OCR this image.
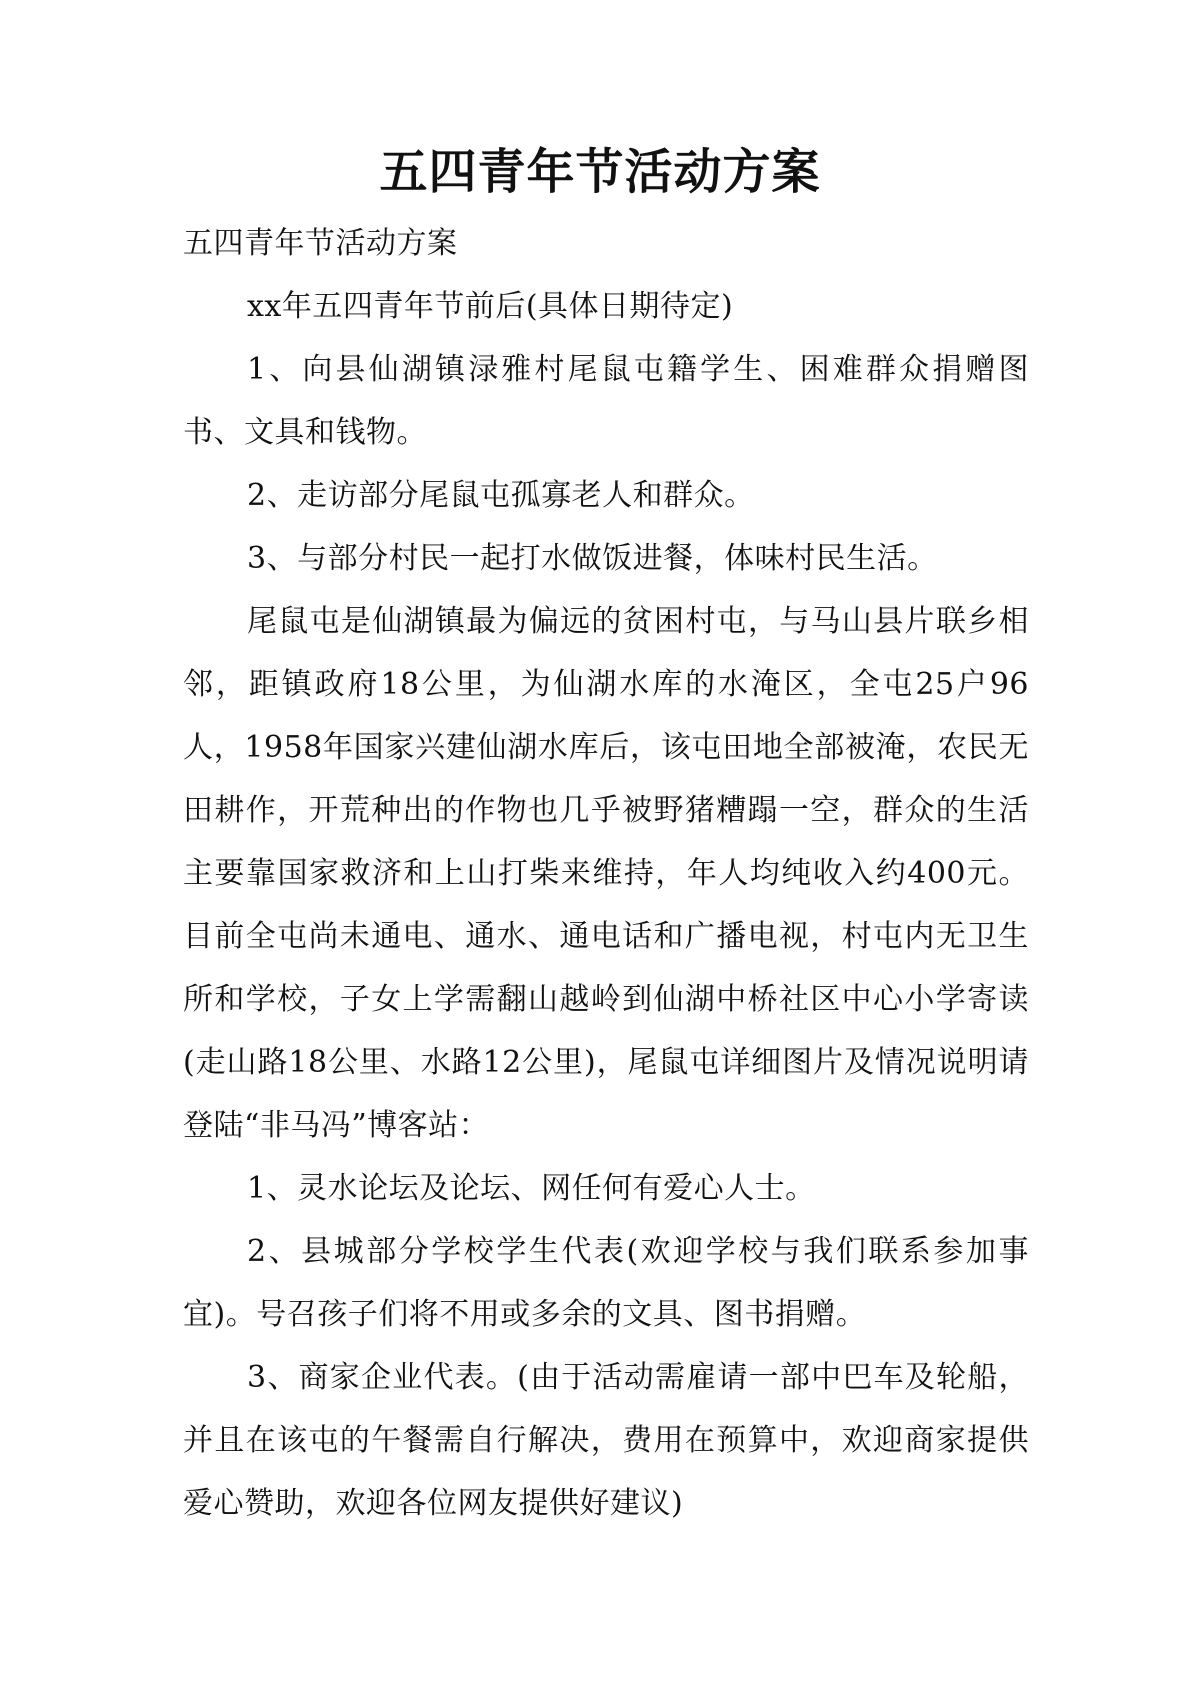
五四青年节活动方案

五四青年节活动方案

xx年五四青年节前后(具体日期待定)

1、向县仙湖镇渌雅村尾鼠屯籍学生、困难群众捐赠图书、文具和钱物。

2、走访部分尾鼠屯孤寡老人和群众。

3、与部分村民一起打水做饭进餐，体味村民生活。

尾鼠屯是仙湖镇最为偏远的贫困村屯，与马山县片联乡相邻，距镇政府18公里，为仙湖水库的水淹区，全屯25户96人，1958年国家兴建仙湖水库后，该屯田地全部被淹，农民无田耕作，开荒种出的作物也几乎被野猪糟蹋一空，群众的生活主要靠国家救济和上山打柴来维持，年人均纯收入约400元。目前全屯尚未通电、通水、通电话和广播电视，村屯内无卫生所和学校，子女上学需翻山越岭到仙湖中桥社区中心小学寄读(走山路18公里、水路12公里)，尾鼠屯详细图片及情况说明请登陆“非马冯”博客站：

1、灵水论坛及论坛、网任何有爱心人士。

2、县城部分学校学生代表(欢迎学校与我们联系参加事宜)。号召孩子们将不用或多余的文具、图书捐赠。

3、商家企业代表。(由于活动需雇请一部中巴车及轮船，并且在该屯的午餐需自行解决，费用在预算中，欢迎商家提供爱心赞助，欢迎各位网友提供好建议)
